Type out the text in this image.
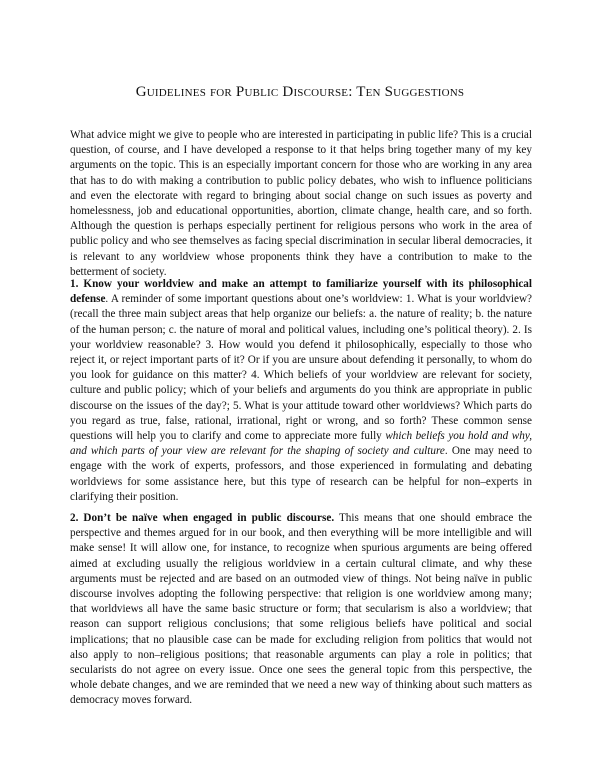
Guidelines for Public Discourse: Ten Suggestions

What advice might we give to people who are interested in participating in public life? This is a crucial question, of course, and I have developed a response to it that helps bring together many of my key arguments on the topic. This is an especially important concern for those who are working in any area that has to do with making a contribution to public policy debates, who wish to influence politicians and even the electorate with regard to bringing about social change on such issues as poverty and homelessness, job and educational opportunities, abortion, climate change, health care, and so forth. Although the question is perhaps especially pertinent for religious persons who work in the area of public policy and who see themselves as facing special discrimination in secular liberal democracies, it is relevant to any worldview whose proponents think they have a contribution to make to the betterment of society.

1. Know your worldview and make an attempt to familiarize yourself with its philosophical defense. A reminder of some important questions about one’s worldview: 1. What is your worldview? (recall the three main subject areas that help organize our beliefs: a. the nature of reality; b. the nature of the human person; c. the nature of moral and political values, including one’s political theory). 2. Is your worldview reasonable? 3. How would you defend it philosophically, especially to those who reject it, or reject important parts of it? Or if you are unsure about defending it personally, to whom do you look for guidance on this matter? 4. Which beliefs of your worldview are relevant for society, culture and public policy; which of your beliefs and arguments do you think are appropriate in public discourse on the issues of the day?; 5. What is your attitude toward other worldviews? Which parts do you regard as true, false, rational, irrational, right or wrong, and so forth? These common sense questions will help you to clarify and come to appreciate more fully which beliefs you hold and why, and which parts of your view are relevant for the shaping of society and culture. One may need to engage with the work of experts, professors, and those experienced in formulating and debating worldviews for some assistance here, but this type of research can be helpful for non–experts in clarifying their position.

2. Don’t be naïve when engaged in public discourse. This means that one should embrace the perspective and themes argued for in our book, and then everything will be more intelligible and will make sense! It will allow one, for instance, to recognize when spurious arguments are being offered aimed at excluding usually the religious worldview in a certain cultural climate, and why these arguments must be rejected and are based on an outmoded view of things. Not being naïve in public discourse involves adopting the following perspective: that religion is one worldview among many; that worldviews all have the same basic structure or form; that secularism is also a worldview; that reason can support religious conclusions; that some religious beliefs have political and social implications; that no plausible case can be made for excluding religion from politics that would not also apply to non–religious positions; that reasonable arguments can play a role in politics; that secularists do not agree on every issue. Once one sees the general topic from this perspective, the whole debate changes, and we are reminded that we need a new way of thinking about such matters as democracy moves forward.
